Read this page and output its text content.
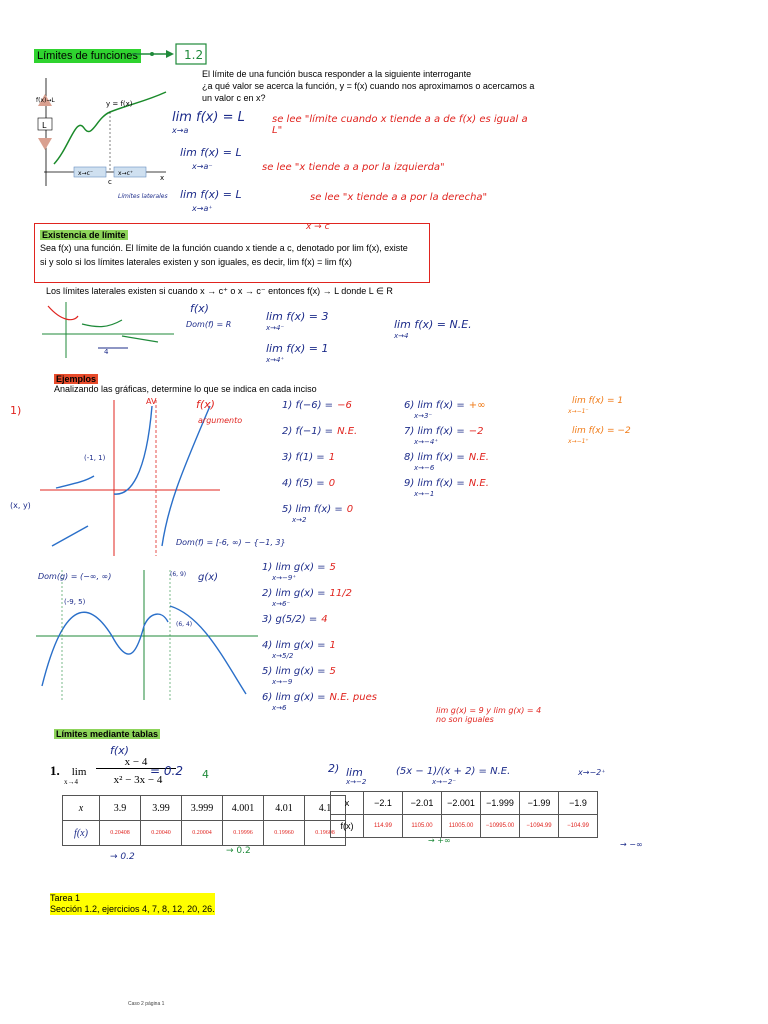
Límites de funciones	1.2
El límite de una función busca responder a la siguiente interrogante
¿a qué valor se acerca la función, y = f(x) cuando nos aproximamos o acercamos a
un valor c en x?
L
f(x)→L	y = f(x)
c	x
x→c⁻	x→c⁺
Límites laterales
lim f(x) = L
x→a
se lee "límite cuando x tiende a a de f(x) es igual a L"
lim f(x) = L
x→a⁻	se lee "x tiende a a por la izquierda"
lim f(x) = L
x→a⁺
se lee "x tiende a a por la derecha"
Existencia de límite
x → c
Sea f(x) una función. El límite de la función cuando x tiende a c, denotado por lim f(x), existe
si y solo si los límites laterales existen y son iguales, es decir, lim f(x) = lim f(x)
Los límites laterales existen si cuando x → c⁺ o x → c⁻ entonces f(x) → L donde L ∈ R
4
f(x)
Dom(f) = R
lim f(x) = 3
x→4⁻
lim f(x) = 1
x→4⁺
lim f(x) = N.E.
x→4
Ejemplos
Analizando las gráficas, determine lo que se indica en cada inciso
1)
(x, y)
(-1, 1)
AV	f(x)
argumento
Dom(f) = [-6, ∞) − {−1, 3}
1) f(−6) = −6
2) f(−1) = N.E.
3) f(1) = 1
4) f(5) = 0
5) lim f(x) = 0
x→2
6) lim f(x) = +∞
x→3⁻
7) lim f(x) = −2
x→−4⁺
8) lim f(x) = N.E.
x→−6
9) lim f(x) = N.E.
x→−1
lim f(x) = 1
x→−1⁻
lim f(x) = −2
x→−1⁺
(-9, 5)
(6, 9)
(6, 4)
Dom(g) = (−∞, ∞)	g(x)
1) lim g(x) = 5
x→−9⁺
2) lim g(x) = 11/2
x→6⁻
3) g(5/2) = 4
4) lim g(x) = 1
x→5/2
5) lim g(x) = 5
x→−9
6) lim g(x) = N.E. pues
x→6	lim g(x) = 9 y lim g(x) = 4 no son iguales
Límites mediante tablas
1. lim
x→4
x − 4
x² − 3x − 4
f(x)
= 0.2 4
x	3.9	3.99	3.999	4.001	4.01	4.1
f(x)	0.20408	0.20040	0.20004	0.19996	0.19960	0.19608
→ 0.2
→ 0.2
2) lim
x→−2
(5x − 1)/(x + 2) = N.E.
x→−2⁻
x→−2⁺
x	−2.1	−2.01	−2.001	−1.999	−1.99	−1.9
f(x)	114.99	1105.00	11005.00	−10995.00	−1094.99	−104.99
→ +∞	→ −∞
Tarea 1
Sección 1.2, ejercicios 4, 7, 8, 12, 20, 26.
Caso 2 página 1
